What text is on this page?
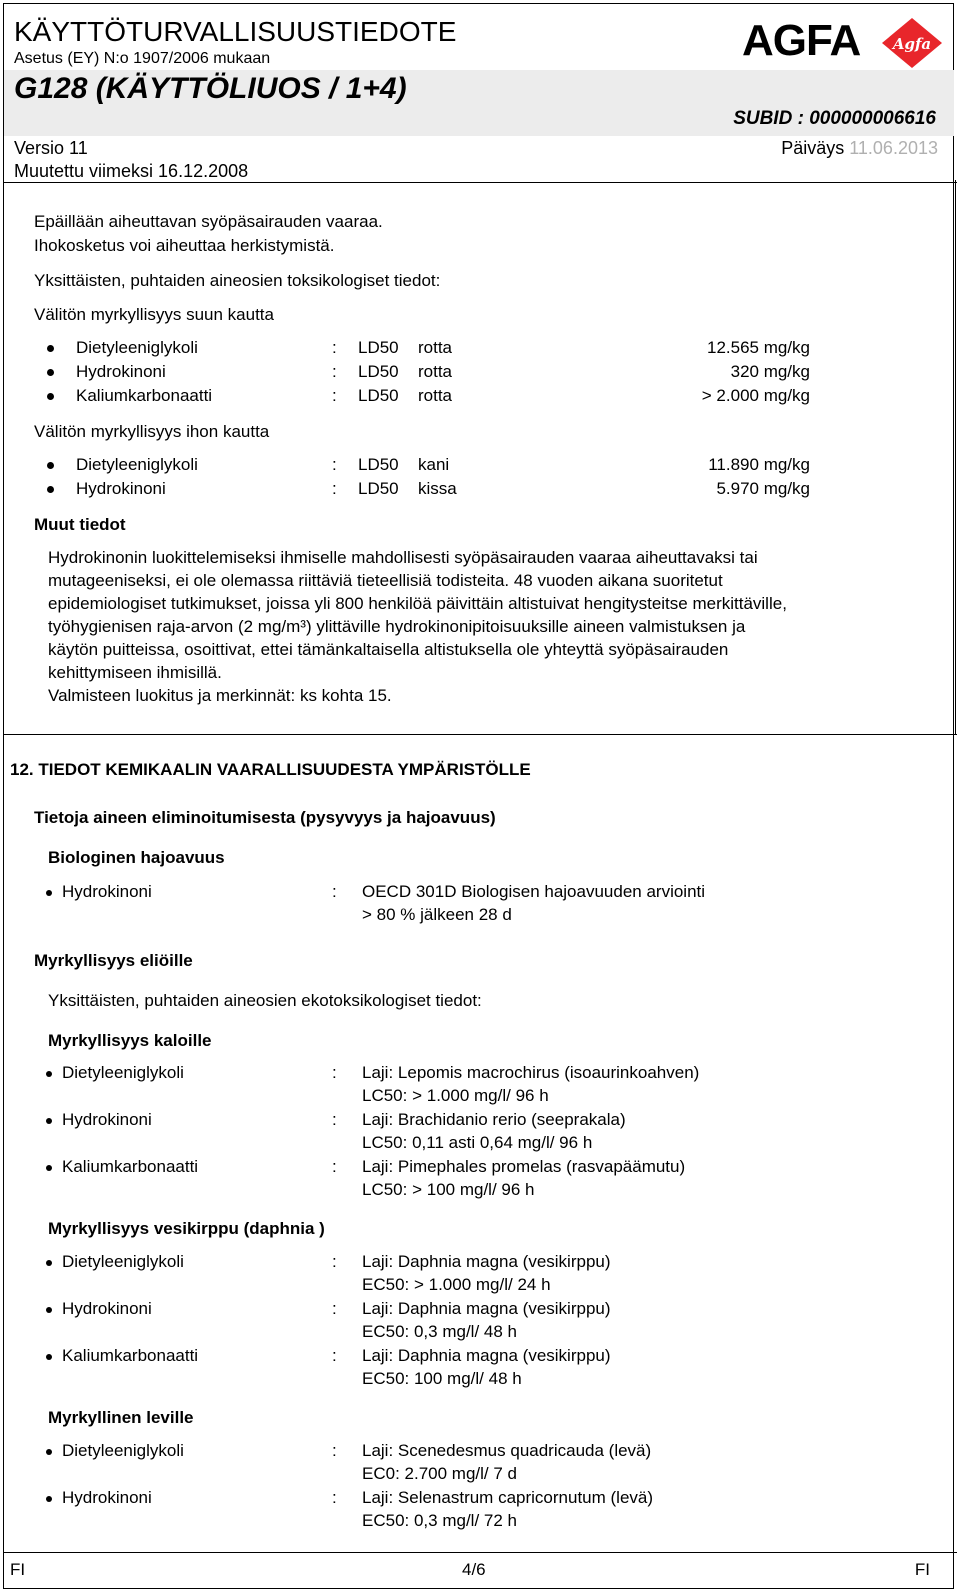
KÄYTTÖTURVALLISUUSTIEDOTE
Asetus (EY) N:o 1907/2006 mukaan
G128 (KÄYTTÖLIUOS / 1+4)
AGFA Agfa
SUBID : 000000006616
Versio 11
Muutettu viimeksi 16.12.2008
Päiväys 11.06.2013
Epäillään aiheuttavan syöpäsairauden vaaraa.
Ihokosketus voi aiheuttaa herkistymistä.
Yksittäisten, puhtaiden aineosien toksikologiset tiedot:
Välitön myrkyllisyys suun kautta
Dietyleeniglykoli	: LD50 rotta	12.565 mg/kg
Hydrokinoni	: LD50 rotta	320 mg/kg
Kaliumkarbonaatti	: LD50 rotta	> 2.000 mg/kg
Välitön myrkyllisyys ihon kautta
Dietyleeniglykoli	: LD50 kani	11.890 mg/kg
Hydrokinoni	: LD50 kissa	5.970 mg/kg
Muut tiedot
Hydrokinonin luokittelemiseksi ihmiselle mahdollisesti syöpäsairauden vaaraa aiheuttavaksi tai
mutageeniseksi, ei ole olemassa riittäviä tieteellisiä todisteita. 48 vuoden aikana suoritetut
epidemiologiset tutkimukset, joissa yli 800 henkilöä päivittäin altistuivat hengitysteitse merkittäville,
työhygienisen raja-arvon (2 mg/m³) ylittäville hydrokinonipitoisuuksille aineen valmistuksen ja
käytön puitteissa, osoittivat, ettei tämänkaltaisella altistuksella ole yhteyttä syöpäsairauden
kehittymiseen ihmisillä.
Valmisteen luokitus ja merkinnät: ks kohta 15.
12. TIEDOT KEMIKAALIN VAARALLISUUDESTA YMPÄRISTÖLLE
Tietoja aineen eliminoitumisesta (pysyvyys ja hajoavuus)
Biologinen hajoavuus
Hydrokinoni	: OECD 301D Biologisen hajoavuuden arviointi
> 80 % jälkeen 28 d
Myrkyllisyys eliöille
Yksittäisten, puhtaiden aineosien ekotoksikologiset tiedot:
Myrkyllisyys kaloille
Dietyleeniglykoli	: Laji: Lepomis macrochirus (isoaurinkoahven)
LC50: > 1.000 mg/l/ 96 h
Hydrokinoni	: Laji: Brachidanio rerio (seeprakala)
LC50: 0,11 asti 0,64 mg/l/ 96 h
Kaliumkarbonaatti	: Laji: Pimephales promelas (rasvapäämutu)
LC50: > 100 mg/l/ 96 h
Myrkyllisyys vesikirppu (daphnia )
Dietyleeniglykoli	: Laji: Daphnia magna (vesikirppu)
EC50: > 1.000 mg/l/ 24 h
Hydrokinoni	: Laji: Daphnia magna (vesikirppu)
EC50: 0,3 mg/l/ 48 h
Kaliumkarbonaatti	: Laji: Daphnia magna (vesikirppu)
EC50: 100 mg/l/ 48 h
Myrkyllinen leville
Dietyleeniglykoli	: Laji: Scenedesmus quadricauda (levä)
EC0: 2.700 mg/l/ 7 d
Hydrokinoni	: Laji: Selenastrum capricornutum (levä)
EC50: 0,3 mg/l/ 72 h
FI	4/6	FI
